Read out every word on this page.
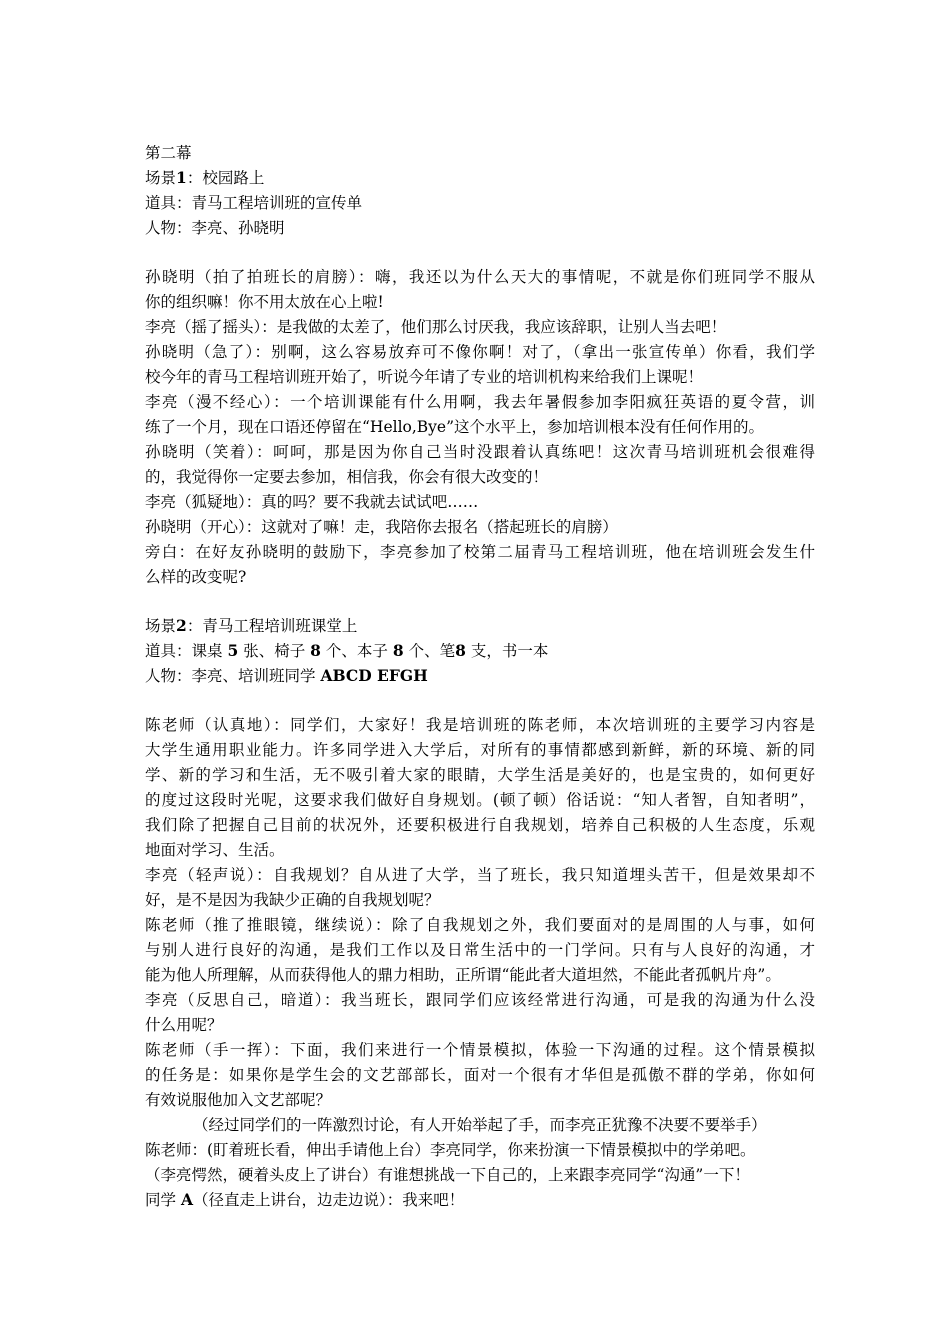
第二幕
场景1：校园路上
道具：青马工程培训班的宣传单
人物：李亮、孙晓明
孙晓明（拍了拍班长的肩膀）：嗨，我还以为什么天大的事情呢，不就是你们班同学不服从
你的组织嘛！你不用太放在心上啦!
李亮（摇了摇头）：是我做的太差了，他们那么讨厌我，我应该辞职，让别人当去吧！
孙晓明（急了）：别啊，这么容易放弃可不像你啊！对了，（拿出一张宣传单）你看，我们学
校今年的青马工程培训班开始了，听说今年请了专业的培训机构来给我们上课呢！
李亮（漫不经心）：一个培训课能有什么用啊，我去年暑假参加李阳疯狂英语的夏令营，训
练了一个月，现在口语还停留在“Hello,Bye”这个水平上，参加培训根本没有任何作用的。
孙晓明（笑着）：呵呵，那是因为你自己当时没跟着认真练吧！这次青马培训班机会很难得
的，我觉得你一定要去参加，相信我，你会有很大改变的！
李亮（狐疑地）：真的吗？要不我就去试试吧……
孙晓明（开心）：这就对了嘛！走，我陪你去报名（搭起班长的肩膀）
旁白：在好友孙晓明的鼓励下，李亮参加了校第二届青马工程培训班，他在培训班会发生什
么样的改变呢?
场景2：青马工程培训班课堂上
道具：课桌 5 张、椅子 8 个、本子 8 个、笔8 支，书一本
人物：李亮、培训班同学 ABCD EFGH
陈老师（认真地）：同学们，大家好！我是培训班的陈老师，本次培训班的主要学习内容是
大学生通用职业能力。许多同学进入大学后，对所有的事情都感到新鲜，新的环境、新的同
学、新的学习和生活，无不吸引着大家的眼睛，大学生活是美好的，也是宝贵的，如何更好
的度过这段时光呢，这要求我们做好自身规划。(顿了顿）俗话说：“知人者智，自知者明”，
我们除了把握自己目前的状况外，还要积极进行自我规划，培养自己积极的人生态度，乐观
地面对学习、生活。
李亮（轻声说）：自我规划？自从进了大学，当了班长，我只知道埋头苦干，但是效果却不
好，是不是因为我缺少正确的自我规划呢？
陈老师（推了推眼镜，继续说）：除了自我规划之外，我们要面对的是周围的人与事，如何
与别人进行良好的沟通，是我们工作以及日常生活中的一门学问。只有与人良好的沟通，才
能为他人所理解，从而获得他人的鼎力相助，正所谓“能此者大道坦然，不能此者孤帆片舟”。
李亮（反思自己，暗道）：我当班长，跟同学们应该经常进行沟通，可是我的沟通为什么没
什么用呢？
陈老师（手一挥）：下面，我们来进行一个情景模拟，体验一下沟通的过程。这个情景模拟
的任务是：如果你是学生会的文艺部部长，面对一个很有才华但是孤傲不群的学弟，你如何
有效说服他加入文艺部呢？
（经过同学们的一阵激烈讨论，有人开始举起了手，而李亮正犹豫不决要不要举手）
陈老师：(盯着班长看，伸出手请他上台）李亮同学，你来扮演一下情景模拟中的学弟吧。
（李亮愕然，硬着头皮上了讲台）有谁想挑战一下自己的，上来跟李亮同学“沟通”一下！
同学 A（径直走上讲台，边走边说）：我来吧！
